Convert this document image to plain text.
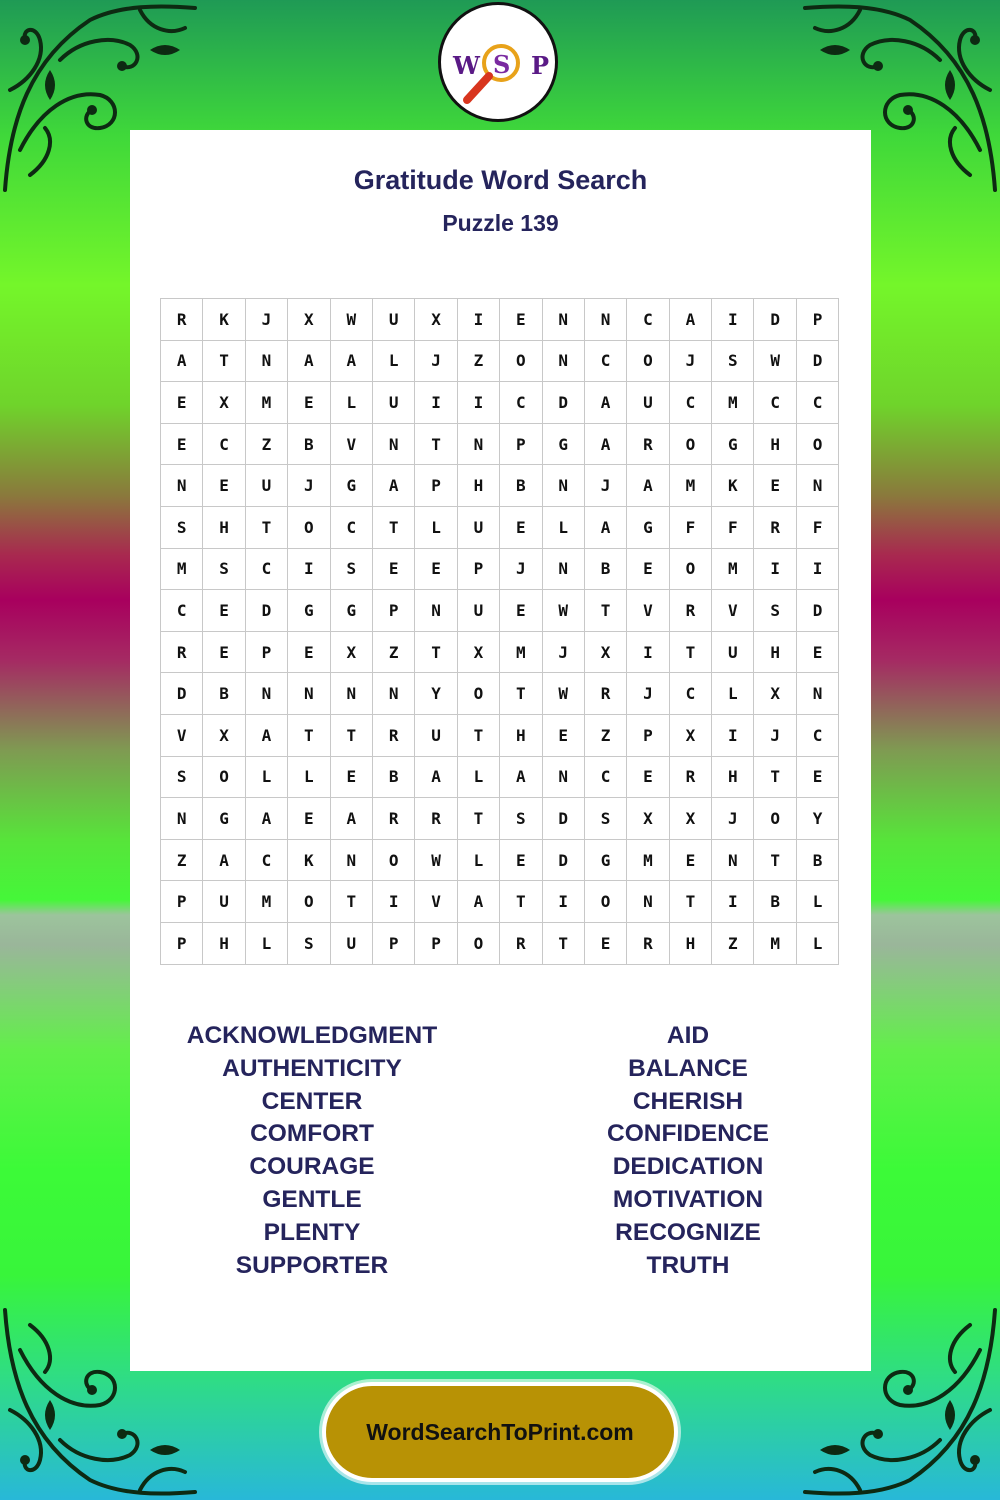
W S P
Gratitude Word Search
Puzzle 139
R	K	J	X	W	U	X	I	E	N	N	C	A	I	D	P
A	T	N	A	A	L	J	Z	O	N	C	O	J	S	W	D
E	X	M	E	L	U	I	I	C	D	A	U	C	M	C	C
E	C	Z	B	V	N	T	N	P	G	A	R	O	G	H	O
N	E	U	J	G	A	P	H	B	N	J	A	M	K	E	N
S	H	T	O	C	T	L	U	E	L	A	G	F	F	R	F
M	S	C	I	S	E	E	P	J	N	B	E	O	M	I	I
C	E	D	G	G	P	N	U	E	W	T	V	R	V	S	D
R	E	P	E	X	Z	T	X	M	J	X	I	T	U	H	E
D	B	N	N	N	N	Y	O	T	W	R	J	C	L	X	N
V	X	A	T	T	R	U	T	H	E	Z	P	X	I	J	C
S	O	L	L	E	B	A	L	A	N	C	E	R	H	T	E
N	G	A	E	A	R	R	T	S	D	S	X	X	J	O	Y
Z	A	C	K	N	O	W	L	E	D	G	M	E	N	T	B
P	U	M	O	T	I	V	A	T	I	O	N	T	I	B	L
P	H	L	S	U	P	P	O	R	T	E	R	H	Z	M	L
ACKNOWLEDGMENT
AUTHENTICITY
CENTER
COMFORT
COURAGE
GENTLE
PLENTY
SUPPORTER
AID
BALANCE
CHERISH
CONFIDENCE
DEDICATION
MOTIVATION
RECOGNIZE
TRUTH
WordSearchToPrint.com
